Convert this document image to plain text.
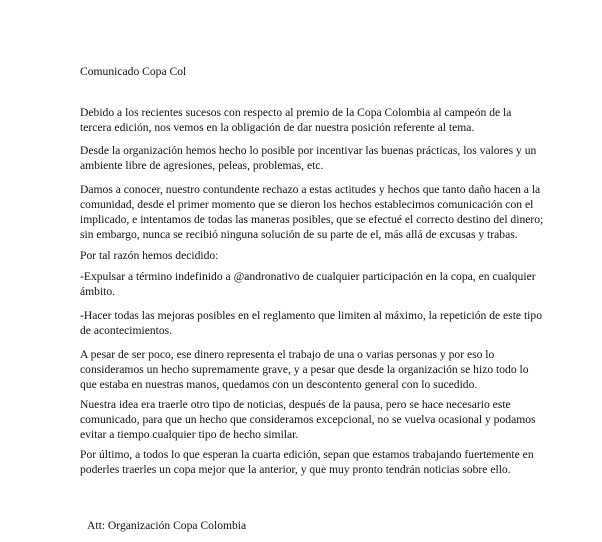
Comunicado Copa Col
Debido a los recientes sucesos con respecto al premio de la Copa Colombia al campeón de la
tercera edición, nos vemos en la obligación de dar nuestra posición referente al tema.
Desde la organización hemos hecho lo posible por incentivar las buenas prácticas, los valores y un
ambiente libre de agresiones, peleas, problemas, etc.
Damos a conocer, nuestro contundente rechazo a estas actitudes y hechos que tanto daño hacen a la
comunidad, desde el primer momento que se dieron los hechos establecimos comunicación con el
implicado, e intentamos de todas las maneras posibles, que se efectué el correcto destino del dinero;
sin embargo, nunca se recibió ninguna solución de su parte de el, más allá de excusas y trabas.
Por tal razón hemos decidido:
-Expulsar a término indefinido a @andronativo de cualquier participación en la copa, en cualquier
ámbito.
-Hacer todas las mejoras posibles en el reglamento que limiten al máximo, la repetición de este tipo
de acontecimientos.
A pesar de ser poco, ese dinero representa el trabajo de una o varias personas y por eso lo
consideramos un hecho supremamente grave, y a pesar que desde la organización se hizo todo lo
que estaba en nuestras manos, quedamos con un descontento general con lo sucedido.
Nuestra idea era traerle otro tipo de noticias, después de la pausa, pero se hace necesario este
comunicado, para que un hecho que consideramos excepcional, no se vuelva ocasional y podamos
evitar a tiempo cualquier tipo de hecho similar.
Por último, a todos lo que esperan la cuarta edición, sepan que estamos trabajando fuertemente en
poderles traerles un copa mejor que la anterior, y que muy pronto tendrán noticias sobre ello.
Att: Organización Copa Colombia
